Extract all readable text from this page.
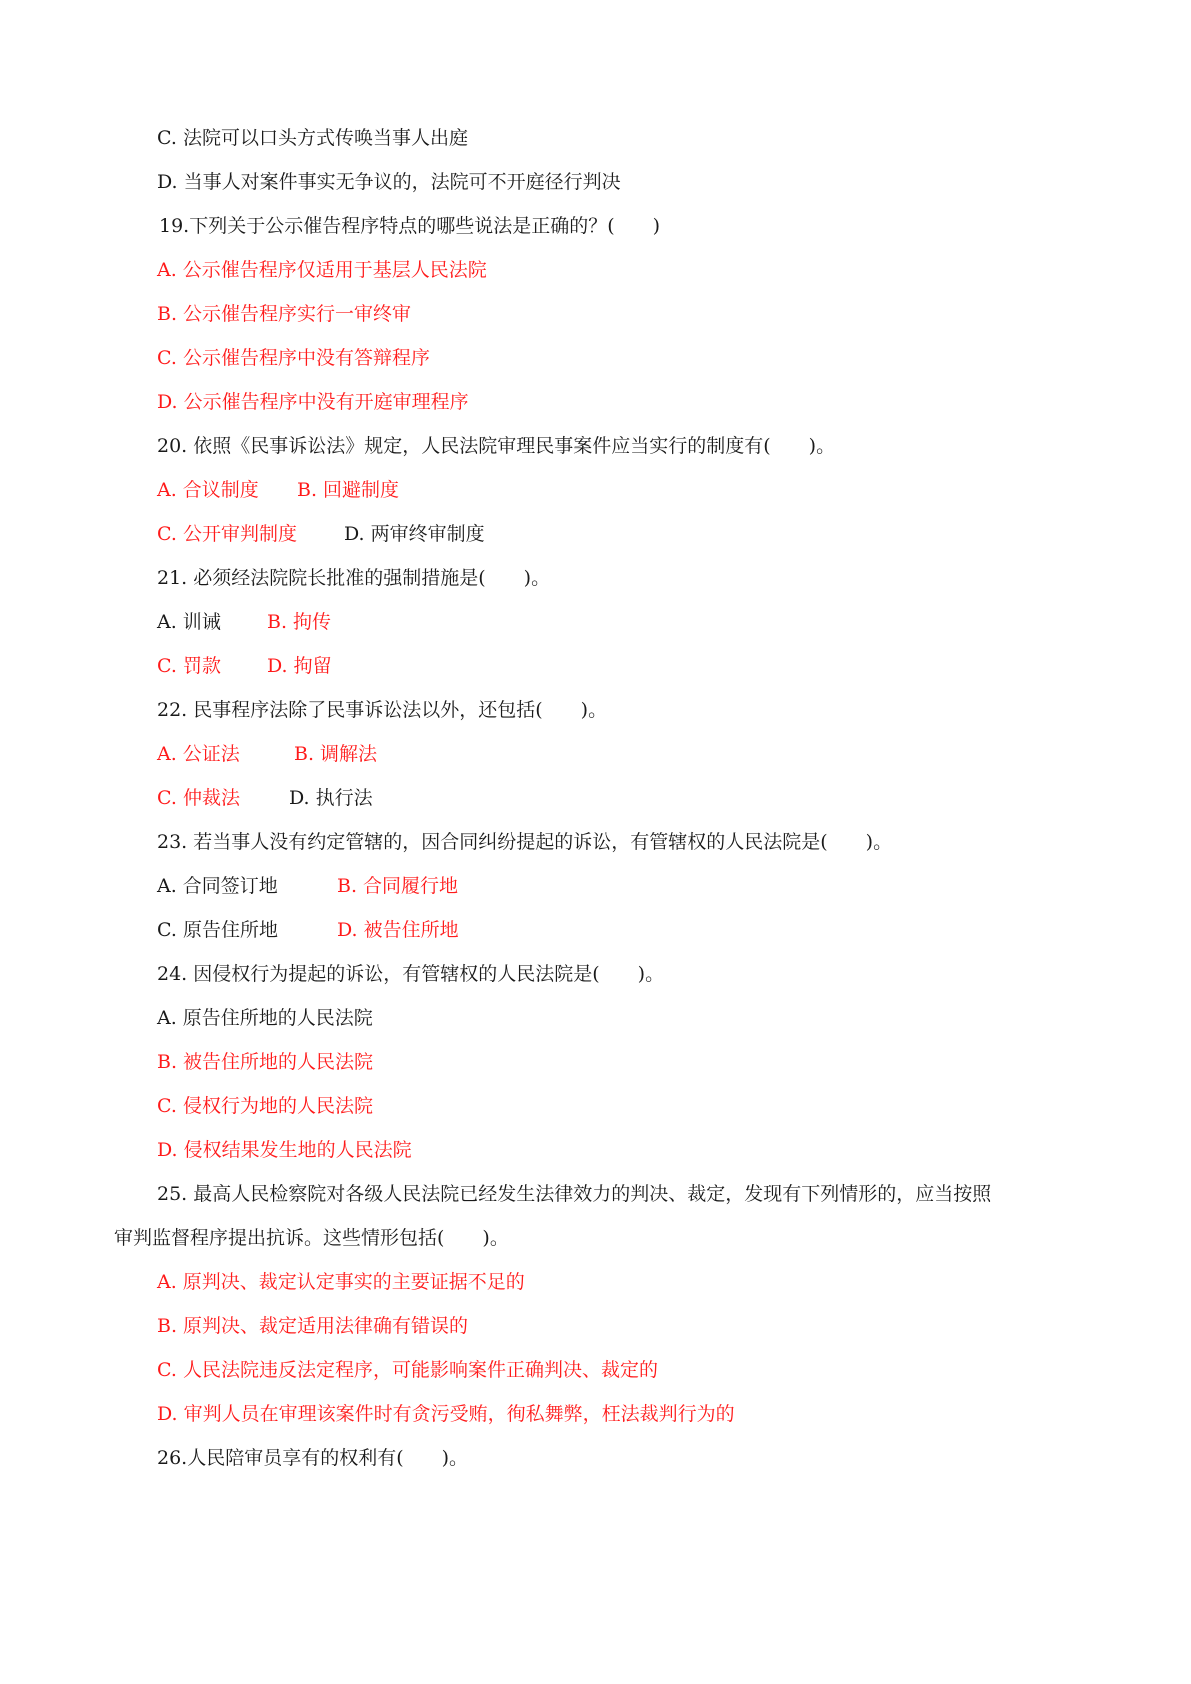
C. 法院可以口头方式传唤当事人出庭

D. 当事人对案件事实无争议的，法院可不开庭径行判决

19.下列关于公示催告程序特点的哪些说法是正确的？(　　)

A. 公示催告程序仅适用于基层人民法院

B. 公示催告程序实行一审终审

C. 公示催告程序中没有答辩程序

D. 公示催告程序中没有开庭审理程序

20. 依照《民事诉讼法》规定，人民法院审理民事案件应当实行的制度有(　　)。

A. 合议制度 B. 回避制度

C. 公开审判制度 D. 两审终审制度

21. 必须经法院院长批准的强制措施是(　　)。

A. 训诫 B. 拘传

C. 罚款 D. 拘留

22. 民事程序法除了民事诉讼法以外，还包括(　　)。

A. 公证法	B. 调解法

C. 仲裁法	D. 执行法

23. 若当事人没有约定管辖的，因合同纠纷提起的诉讼，有管辖权的人民法院是(　　)。

A. 合同签订地	B. 合同履行地

C. 原告住所地	D. 被告住所地

24. 因侵权行为提起的诉讼，有管辖权的人民法院是(　　)。

A. 原告住所地的人民法院

B. 被告住所地的人民法院

C. 侵权行为地的人民法院

D. 侵权结果发生地的人民法院

25. 最高人民检察院对各级人民法院已经发生法律效力的判决、裁定，发现有下列情形的，应当按照

审判监督程序提出抗诉。这些情形包括(　　)。

A. 原判决、裁定认定事实的主要证据不足的

B. 原判决、裁定适用法律确有错误的

C. 人民法院违反法定程序，可能影响案件正确判决、裁定的

D. 审判人员在审理该案件时有贪污受贿，徇私舞弊，枉法裁判行为的

26.人民陪审员享有的权利有(　　)。
